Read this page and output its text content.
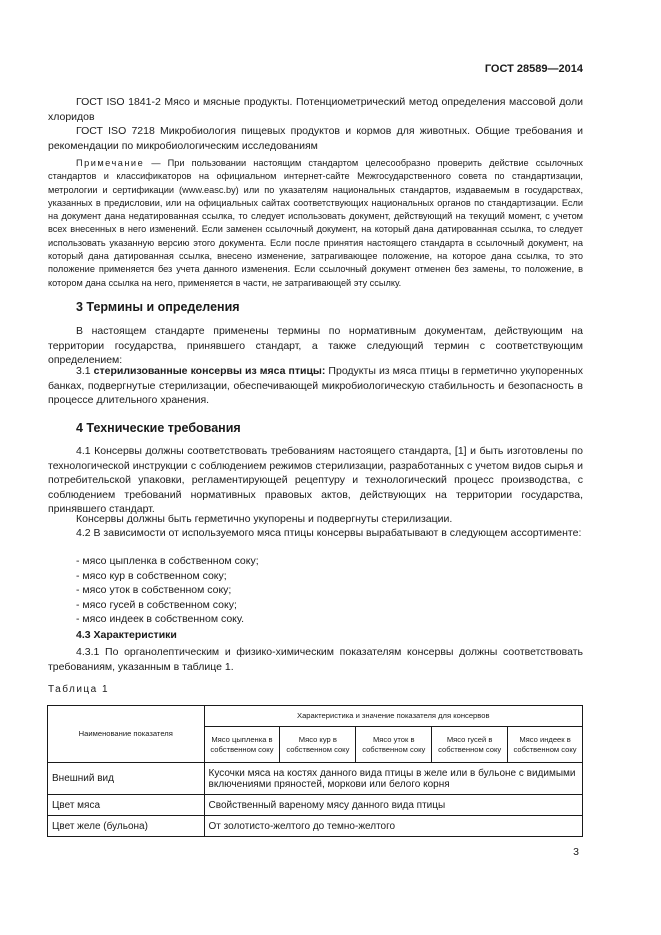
ГОСТ 28589—2014

ГОСТ ISO 1841-2 Мясо и мясные продукты. Потенциометрический метод определения массовой доли хлоридов

ГОСТ ISO 7218 Микробиология пищевых продуктов и кормов для животных. Общие требования и рекомендации по микробиологическим исследованиям

Примечание — При пользовании настоящим стандартом целесообразно проверить действие ссылочных стандартов и классификаторов на официальном интернет-сайте Межгосударственного совета по стандартизации, метрологии и сертификации (www.easc.by) или по указателям национальных стандартов, издаваемым в государствах, указанных в предисловии, или на официальных сайтах соответствующих национальных органов по стандартизации. Если на документ дана недатированная ссылка, то следует использовать документ, действующий на текущий момент, с учетом всех внесенных в него изменений. Если заменен ссылочный документ, на который дана датированная ссылка, то следует использовать указанную версию этого документа. Если после принятия настоящего стандарта в ссылочный документ, на который дана датированная ссылка, внесено изменение, затрагивающее положение, на которое дана ссылка, то это положение применяется без учета данного изменения. Если ссылочный документ отменен без замены, то положение, в котором дана ссылка на него, применяется в части, не затрагивающей эту ссылку.

3 Термины и определения

В настоящем стандарте применены термины по нормативным документам, действующим на территории государства, принявшего стандарт, а также следующий термин с соответствующим определением:

3.1 стерилизованные консервы из мяса птицы: Продукты из мяса птицы в герметично укупоренных банках, подвергнутые стерилизации, обеспечивающей микробиологическую стабильность и безопасность в процессе длительного хранения.

4 Технические требования

4.1 Консервы должны соответствовать требованиям настоящего стандарта, [1] и быть изготовлены по технологической инструкции с соблюдением режимов стерилизации, разработанных с учетом видов сырья и потребительской упаковки, регламентирующей рецептуру и технологический процесс производства, с соблюдением требований нормативных правовых актов, действующих на территории государства, принявшего стандарт.

Консервы должны быть герметично укупорены и подвергнуты стерилизации.

4.2 В зависимости от используемого мяса птицы консервы вырабатывают в следующем ассортименте:

- мясо цыпленка в собственном соку;
- мясо кур в собственном соку;
- мясо уток в собственном соку;
- мясо гусей в собственном соку;
- мясо индеек в собственном соку.
4.3 Характеристики

4.3.1 По органолептическим и физико-химическим показателям консервы должны соответствовать требованиям, указанным в таблице 1.

Таблица 1
Наименование показателя	Характеристика и значение показателя для консервов				
	Мясо цыпленка в собственном соку	Мясо кур в собственном соку	Мясо уток в собственном соку	Мясо гусей в собственном соку	Мясо индеек в собственном соку
Внешний вид	Кусочки мяса на костях данного вида птицы в желе или в бульоне с видимыми включениями пряностей, моркови или белого корня				
Цвет мяса	Свойственный вареному мясу данного вида птицы				
Цвет желе (бульона)	От золотисто-желтого до темно-желтого				
3
